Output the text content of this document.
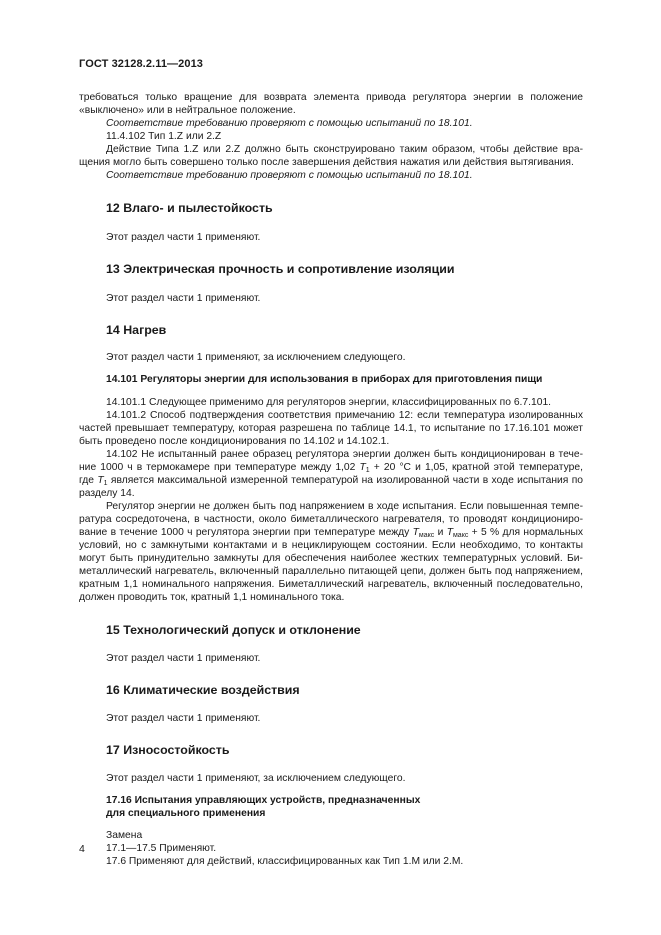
ГОСТ 32128.2.11—2013

требоваться только вращение для возврата элемента привода регулятора энергии в положение

«выключено» или в нейтральное положение.

Соответствие требованию проверяют с помощью испытаний по 18.101.

11.4.102 Тип 1.Z или 2.Z

Действие Типа 1.Z или 2.Z должно быть сконструировано таким образом, чтобы действие вра-

щения могло быть совершено только после завершения действия нажатия или действия вытягивания.

Соответствие требованию проверяют с помощью испытаний по 18.101.

12 Влаго- и пылестойкость

Этот раздел части 1 применяют.

13 Электрическая прочность и сопротивление изоляции

Этот раздел части 1 применяют.

14 Нагрев

Этот раздел части 1 применяют, за исключением следующего.

14.101 Регуляторы энергии для использования в приборах для приготовления пищи

14.101.1 Следующее применимо для регуляторов энергии, классифицированных по 6.7.101.

14.101.2 Способ подтверждения соответствия примечанию 12: если температура изолированных

частей превышает температуру, которая разрешена по таблице 14.1, то испытание по 17.16.101 может

быть проведено после кондиционирования по 14.102 и 14.102.1.

14.102 Не испытанный ранее образец регулятора энергии должен быть кондиционирован в тече-

ние 1000 ч в термокамере при температуре между 1,02 $T_1 + 20$ °C и 1,05, кратной этой температуре,

где $T_1$ является максимальной измеренной температурой на изолированной части в ходе испытания по

разделу 14.

Регулятор энергии не должен быть под напряжением в ходе испытания. Если повышенная темпе-

ратура сосредоточена, в частности, около биметаллического нагревателя, то проводят кондициониро-

вание в течение 1000 ч регулятора энергии при температуре между $T_{макс}$ и $T_{макс} + 5$ % для нормальных

условий, но с замкнутыми контактами и в нециклирующем состоянии. Если необходимо, то контакты

могут быть принудительно замкнуты для обеспечения наиболее жестких температурных условий. Би-

металлический нагреватель, включенный параллельно питающей цепи, должен быть под напряжением,

кратным 1,1 номинального напряжения. Биметаллический нагреватель, включенный последовательно,

должен проводить ток, кратный 1,1 номинального тока.

15 Технологический допуск и отклонение

Этот раздел части 1 применяют.

16 Климатические воздействия

Этот раздел части 1 применяют.

17 Износостойкость

Этот раздел части 1 применяют, за исключением следующего.

17.16 Испытания управляющих устройств, предназначенных

для специального применения

Замена

17.1—17.5 Применяют.

17.6 Применяют для действий, классифицированных как Тип 1.M или 2.M.

4
